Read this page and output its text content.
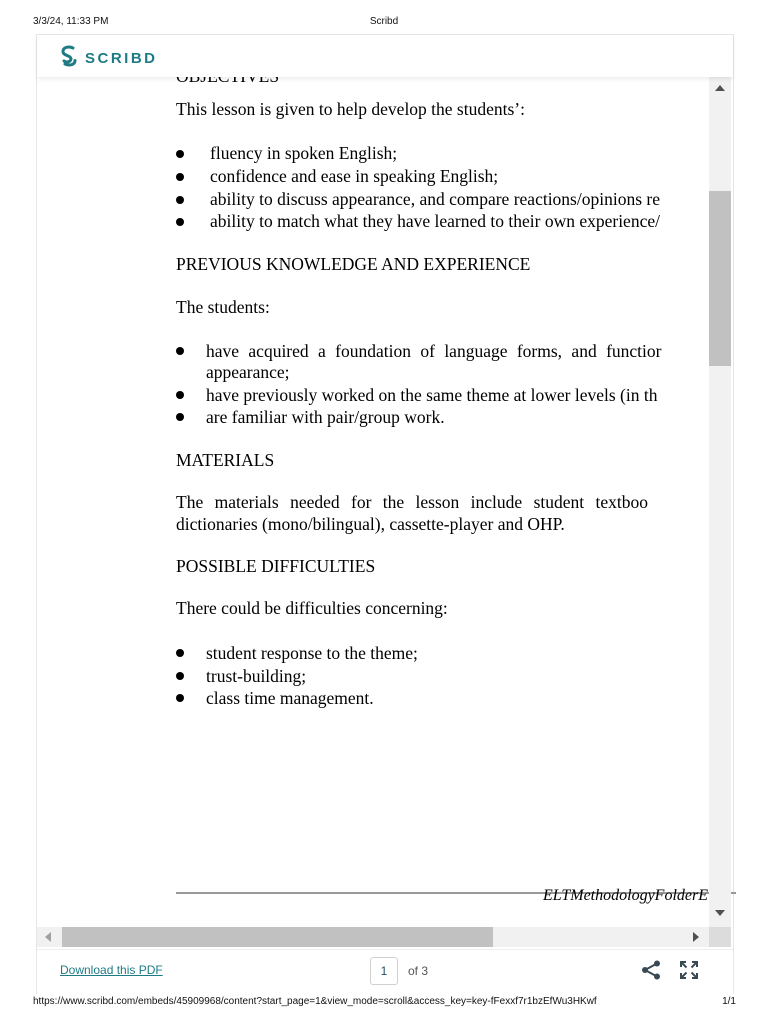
3/3/24, 11:33 PM	Scribd
SCRIBD
This lesson is given to help develop the students’:
fluency in spoken English;
confidence and ease in speaking English;
ability to discuss appearance, and compare reactions/opinions re
ability to match what they have learned to their own experience/
PREVIOUS KNOWLEDGE AND EXPERIENCE
The students:
have acquired a foundation of language forms, and functior
appearance;
have previously worked on the same theme at lower levels (in th
are familiar with pair/group work.
MATERIALS
The materials needed for the lesson include student textboo
dictionaries (mono/bilingual), cassette-player and OHP.
POSSIBLE DIFFICULTIES
There could be difficulties concerning:
student response to the theme;
trust-building;
class time management.
ELTMethodologyFolderE
Download this PDF	1	of 3
https://www.scribd.com/embeds/45909968/content?start_page=1&view_mode=scroll&access_key=key-fFexxf7r1bzEfWu3HKwf	1/1
